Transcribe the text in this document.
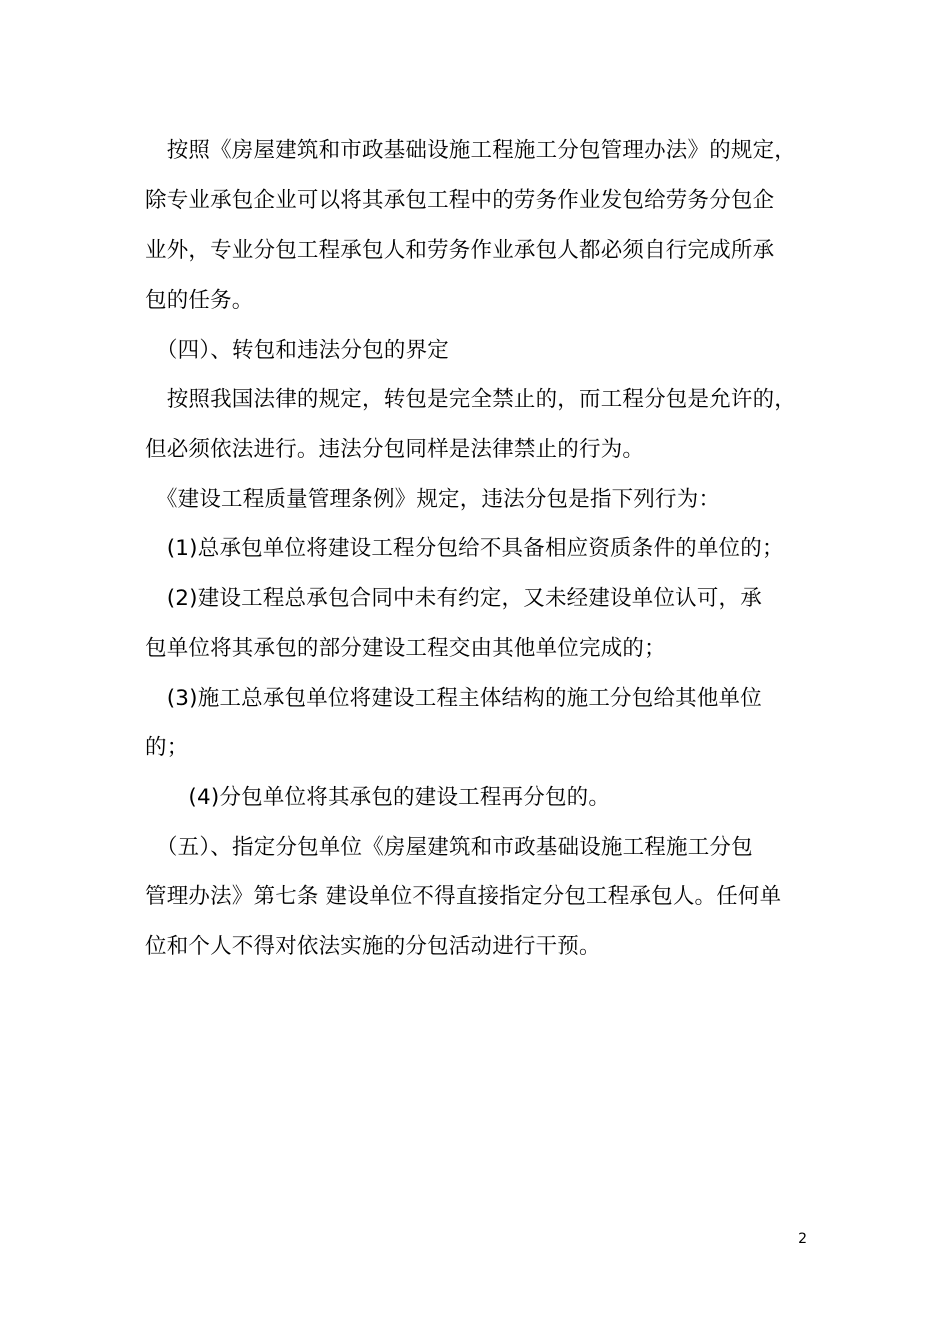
　按照《房屋建筑和市政基础设施工程施工分包管理办法》的规定，
除专业承包企业可以将其承包工程中的劳务作业发包给劳务分包企
业外，专业分包工程承包人和劳务作业承包人都必须自行完成所承
包的任务。
　（四）、转包和违法分包的界定
　按照我国法律的规定，转包是完全禁止的，而工程分包是允许的，
但必须依法进行。违法分包同样是法律禁止的行为。
　《建设工程质量管理条例》规定，违法分包是指下列行为：
　(1)总承包单位将建设工程分包给不具备相应资质条件的单位的；
　(2)建设工程总承包合同中未有约定，又未经建设单位认可，承
包单位将其承包的部分建设工程交由其他单位完成的；
　(3)施工总承包单位将建设工程主体结构的施工分包给其他单位
的；
　　(4)分包单位将其承包的建设工程再分包的。
　（五）、指定分包单位《房屋建筑和市政基础设施工程施工分包
管理办法》第七条 建设单位不得直接指定分包工程承包人。任何单
位和个人不得对依法实施的分包活动进行干预。
2
